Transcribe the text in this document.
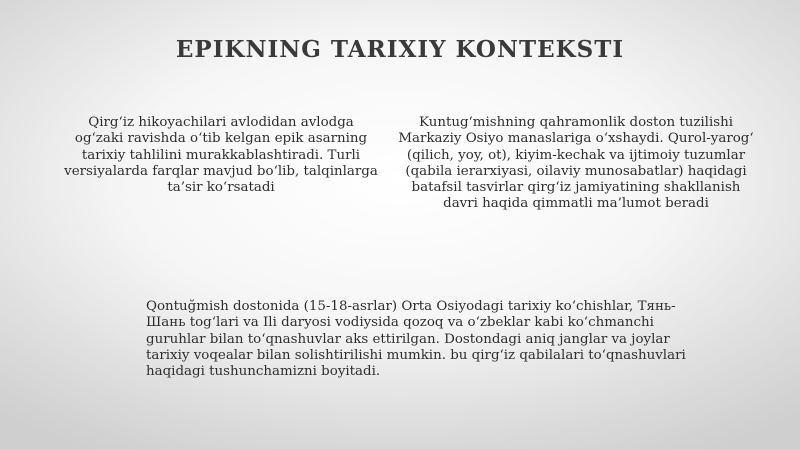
EPIKNING TARIXIY KONTEKSTI

Qirg‘iz hikoyachilari avlodidan avlodga og‘zaki ravishda o‘tib kelgan epik asarning tarixiy tahlilini murakkablashtiradi. Turli versiyalarda farqlar mavjud bo‘lib, talqinlarga ta’sir ko‘rsatadi

Kuntug‘mishning qahramonlik doston tuzilishi Markaziy Osiyo manaslariga o‘xshaydi. Qurol-yarog‘ (qilich, yoy, ot), kiyim-kechak va ijtimoiy tuzumlar (qabila ierarxiyasi, oilaviy munosabatlar) haqidagi batafsil tasvirlar qirg‘iz jamiyatining shakllanish davri haqida qimmatli ma’lumot beradi

Qontuğmish dostonida (15-18-asrlar) Orta Osiyodagi tarixiy ko‘chishlar, Тянь-Шань tog‘lari va Ili daryosi vodiysida qozoq va o‘zbeklar kabi ko‘chmanchi guruhlar bilan to‘qnashuvlar aks ettirilgan. Dostondagi aniq janglar va joylar tarixiy voqealar bilan solishtirilishi mumkin. bu qirg‘iz qabilalari to‘qnashuvlari haqidagi tushunchamizni boyitadi.
